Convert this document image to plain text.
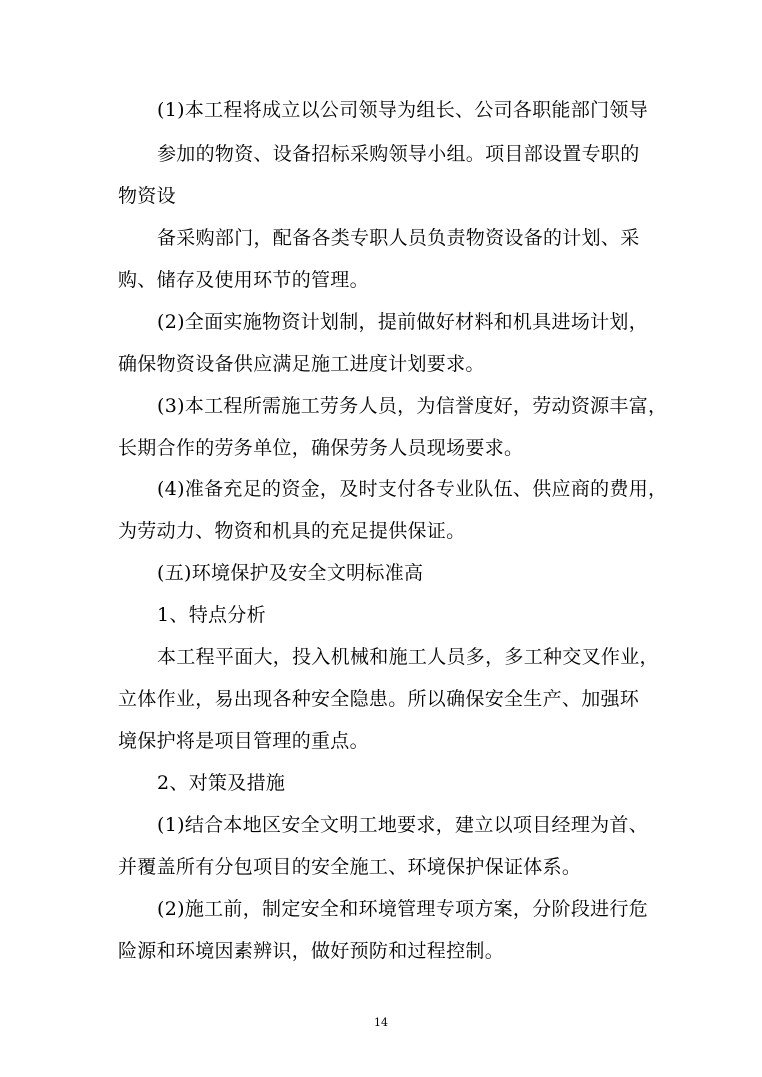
(1)本工程将成立以公司领导为组长、公司各职能部门领导
参加的物资、设备招标采购领导小组。项目部设置专职的
物资设
备采购部门，配备各类专职人员负责物资设备的计划、采
购、储存及使用环节的管理。
(2)全面实施物资计划制，提前做好材料和机具进场计划，
确保物资设备供应满足施工进度计划要求。
(3)本工程所需施工劳务人员，为信誉度好，劳动资源丰富，
长期合作的劳务单位，确保劳务人员现场要求。
(4)准备充足的资金，及时支付各专业队伍、供应商的费用，
为劳动力、物资和机具的充足提供保证。
(五)环境保护及安全文明标准高
1、特点分析
本工程平面大，投入机械和施工人员多，多工种交叉作业，
立体作业，易出现各种安全隐患。所以确保安全生产、加强环
境保护将是项目管理的重点。
2、对策及措施
(1)结合本地区安全文明工地要求，建立以项目经理为首、
并覆盖所有分包项目的安全施工、环境保护保证体系。
(2)施工前，制定安全和环境管理专项方案，分阶段进行危
险源和环境因素辨识，做好预防和过程控制。
14
